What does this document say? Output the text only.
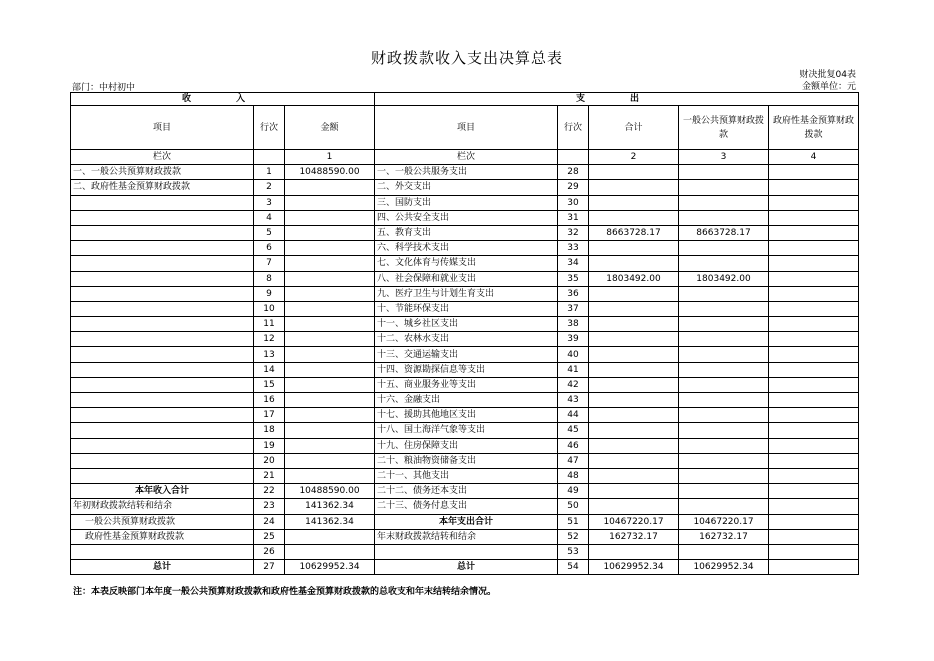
财政拨款收入支出决算总表
财决批复04表
金额单位：元
部门：中村初中
收　入			支　出				
项目	行次	金额	项目	行次	合计	一般公共预算财政拨款	政府性基金预算财政拨款
栏次		1	栏次		2	3	4
一、一般公共预算财政拨款	1	10488590.00	一、一般公共服务支出	28			
二、政府性基金预算财政拨款	2		二、外交支出	29			
	3		三、国防支出	30			
	4		四、公共安全支出	31			
	5		五、教育支出	32	8663728.17	8663728.17	
	6		六、科学技术支出	33			
	7		七、文化体育与传媒支出	34			
	8		八、社会保障和就业支出	35	1803492.00	1803492.00	
	9		九、医疗卫生与计划生育支出	36			
	10		十、节能环保支出	37			
	11		十一、城乡社区支出	38			
	12		十二、农林水支出	39			
	13		十三、交通运输支出	40			
	14		十四、资源勘探信息等支出	41			
	15		十五、商业服务业等支出	42			
	16		十六、金融支出	43			
	17		十七、援助其他地区支出	44			
	18		十八、国土海洋气象等支出	45			
	19		十九、住房保障支出	46			
	20		二十、粮油物资储备支出	47			
	21		二十一、其他支出	48			
本年收入合计	22	10488590.00	二十二、债务还本支出	49			
年初财政拨款结转和结余	23	141362.34	二十三、债务付息支出	50			
一般公共预算财政拨款	24	141362.34	本年支出合计	51	10467220.17	10467220.17	
政府性基金预算财政拨款	25		年末财政拨款结转和结余	52	162732.17	162732.17	
	26			53			
总计	27	10629952.34	总计	54	10629952.34	10629952.34	
注：本表反映部门本年度一般公共预算财政拨款和政府性基金预算财政拨款的总收支和年末结转结余情况。
